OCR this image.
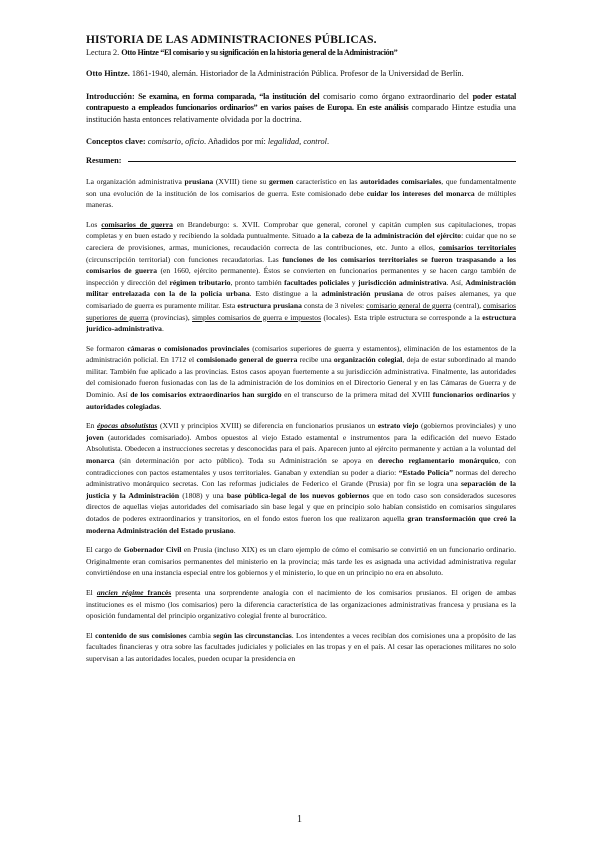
HISTORIA DE LAS ADMINISTRACIONES PÚBLICAS.
Lectura 2. Otto Hintze “El comisario y su significación en la historia general de la Administración”

Otto Hintze. 1861-1940, alemán. Historiador de la Administración Pública. Profesor de la Universidad de Berlín.

Introducción: Se examina, en forma comparada, “la institución del comisario como órgano extraordinario del poder estatal contrapuesto a empleados funcionarios ordinarios” en varios países de Europa. En este análisis comparado Hintze estudia una institución hasta entonces relativamente olvidada por la doctrina.

Conceptos clave: comisario, oficio. Añadidos por mí: legalidad, control.

Resumen:

La organización administrativa prusiana (XVIII) tiene su germen característico en las autoridades comisariales, que fundamentalmente son una evolución de la institución de los comisarios de guerra. Este comisionado debe cuidar los intereses del monarca de múltiples maneras.

Los comisarios de guerra en Brandeburgo: s. XVII. Comprobar que general, coronel y capitán cumplen sus capitulaciones, tropas completas y en buen estado y recibiendo la soldada puntualmente. Situado a la cabeza de la administración del ejército: cuidar que no se careciera de provisiones, armas, municiones, recaudación correcta de las contribuciones, etc. Junto a ellos, comisarios territoriales (circunscripción territorial) con funciones recaudatorias. Las funciones de los comisarios territoriales se fueron traspasando a los comisarios de guerra (en 1660, ejército permanente). Éstos se convierten en funcionarios permanentes y se hacen cargo también de inspección y dirección del régimen tributario, pronto también facultades policiales y jurisdicción administrativa. Así, Administración militar entrelazada con la de la policía urbana. Esto distingue a la administración prusiana de otros países alemanes, ya que comisariado de guerra es puramente militar. Esta estructura prusiana consta de 3 niveles: comisario general de guerra (central), comisarios superiores de guerra (provincias), simples comisarios de guerra e impuestos (locales). Esta triple estructura se corresponde a la estructura jurídico-administrativa.

Se formaron cámaras o comisionados provinciales (comisarios superiores de guerra y estamentos), eliminación de los estamentos de la administración policial. En 1712 el comisionado general de guerra recibe una organización colegial, deja de estar subordinado al mando militar. También fue aplicado a las provincias. Estos casos apoyan fuertemente a su jurisdicción administrativa. Finalmente, las autoridades del comisionado fueron fusionadas con las de la administración de los dominios en el Directorio General y en las Cámaras de Guerra y de Dominio. Así de los comisarios extraordinarios han surgido en el transcurso de la primera mitad del XVIII funcionarios ordinarios y autoridades colegiadas.

En épocas absolutistas (XVII y principios XVIII) se diferencia en funcionarios prusianos un estrato viejo (gobiernos provinciales) y uno joven (autoridades comisariado). Ambos opuestos al viejo Estado estamental e instrumentos para la edificación del nuevo Estado Absolutista. Obedecen a instrucciones secretas y desconocidas para el país. Aparecen junto al ejército permanente y actúan a la voluntad del monarca (sin determinación por acto público). Toda su Administración se apoya en derecho reglamentario monárquico, con contradicciones con pactos estamentales y usos territoriales. Ganaban y extendían su poder a diario: “Estado Policía” normas del derecho administrativo monárquico secretas. Con las reformas judiciales de Federico el Grande (Prusia) por fin se logra una separación de la justicia y la Administración (1808) y una base pública-legal de los nuevos gobiernos que en todo caso son considerados sucesores directos de aquellas viejas autoridades del comisariado sin base legal y que en principio solo habían consistido en comisarios singulares dotados de poderes extraordinarios y transitorios, en el fondo estos fueron los que realizaron aquella gran transformación que creó la moderna Administración del Estado prusiano.

El cargo de Gobernador Civil en Prusia (incluso XIX) es un claro ejemplo de cómo el comisario se convirtió en un funcionario ordinario. Originalmente eran comisarios permanentes del ministerio en la provincia; más tarde les es asignada una actividad administrativa regular convirtiéndose en una instancia especial entre los gobiernos y el ministerio, lo que en un principio no era en absoluto.

El ancien régime francés presenta una sorprendente analogía con el nacimiento de los comisarios prusianos. El origen de ambas instituciones es el mismo (los comisarios) pero la diferencia característica de las organizaciones administrativas francesa y prusiana es la oposición fundamental del principio organizativo colegial frente al burocrático.

El contenido de sus comisiones cambia según las circunstancias. Los intendentes a veces recibían dos comisiones una a propósito de las facultades financieras y otra sobre las facultades judiciales y policiales en las tropas y en el país. Al cesar las operaciones militares no solo supervisan a las autoridades locales, pueden ocupar la presidencia en

1
